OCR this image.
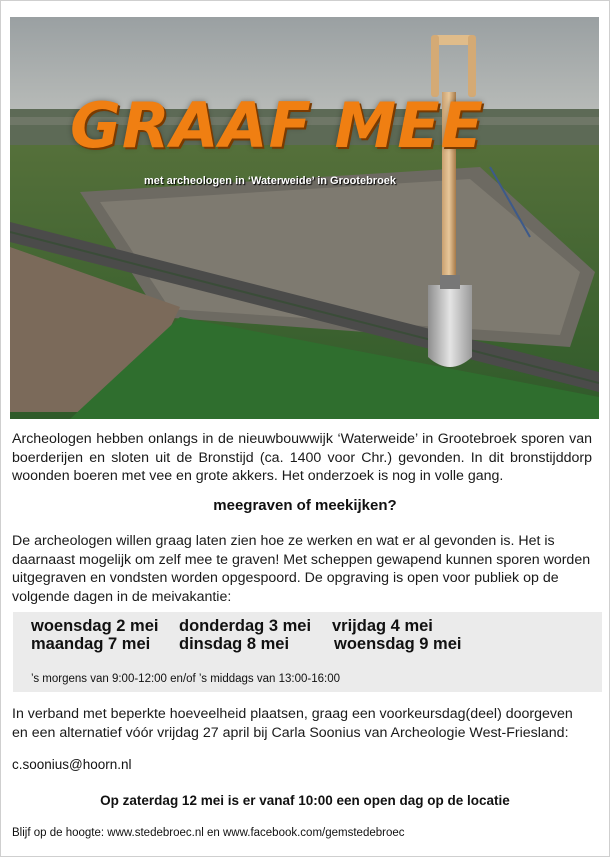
GRAAF MEE
met archeologen in ‘Waterweide’ in Grootebroek

Archeologen hebben onlangs in de nieuwbouwwijk ‘Waterweide’ in Grootebroek sporen van boerderijen en sloten uit de Bronstijd (ca. 1400 voor Chr.) gevonden. In dit bronstijddorp woonden boeren met vee en grote akkers. Het onderzoek is nog in volle gang.

meegraven of meekijken?

De archeologen willen graag laten zien hoe ze werken en wat er al gevonden is. Het is daarnaast mogelijk om zelf mee te graven! Met scheppen gewapend kunnen sporen worden uitgegraven en vondsten worden opgespoord. De opgraving is open voor publiek op de volgende dagen in de meivakantie:

woensdag 2 mei donderdag 3 mei vrijdag 4 mei
maandag 7 mei dinsdag 8 mei	woensdag 9 mei
’s morgens van 9:00-12:00 en/of ’s middags van 13:00-16:00

In verband met beperkte hoeveelheid plaatsen, graag een voorkeursdag(deel) doorgeven en een alternatief vóór vrijdag 27 april bij Carla Soonius van Archeologie West-Friesland:

c.soonius@hoorn.nl
Op zaterdag 12 mei is er vanaf 10:00 een open dag op de locatie
Blijf op de hoogte: www.stedebroec.nl en www.facebook.com/gemstedebroec
